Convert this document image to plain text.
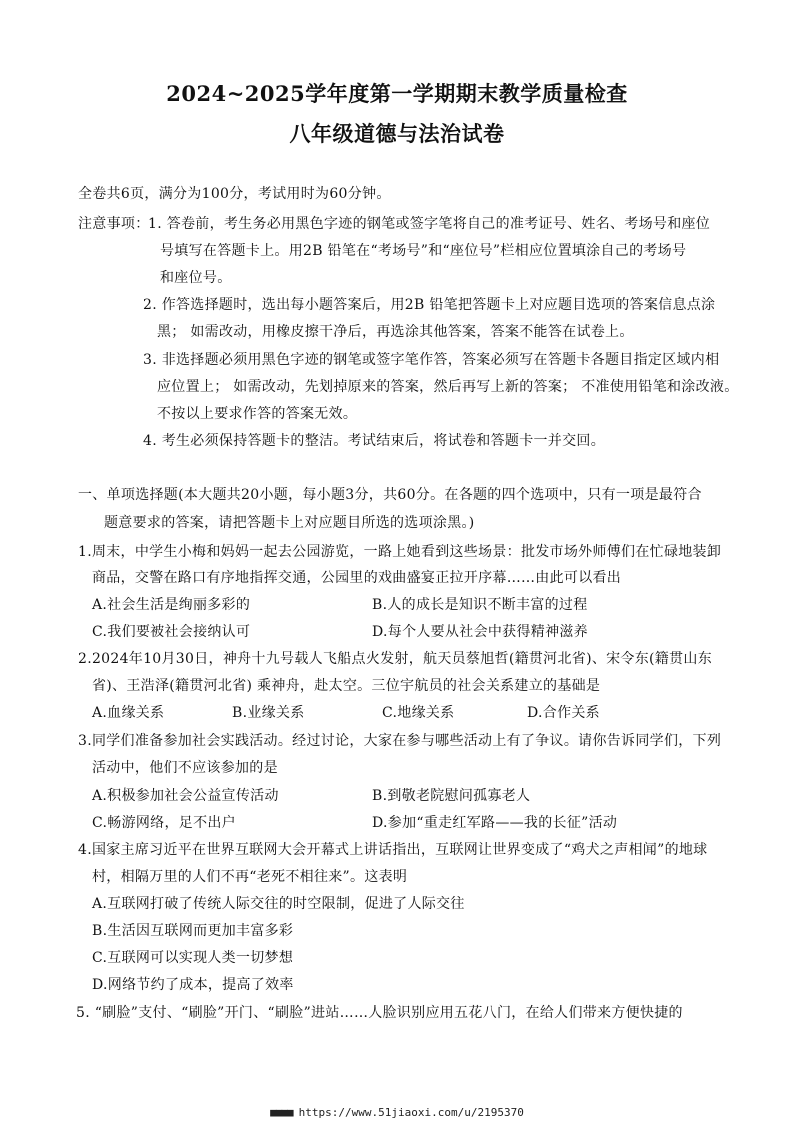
2024~2025学年度第一学期期末教学质量检查
八年级道德与法治试卷
全卷共6页，满分为100分，考试用时为60分钟。
注意事项：
1. 答卷前，考生务必用黑色字迹的钢笔或签字笔将自己的准考证号、姓名、考场号和座位
号填写在答题卡上。用2B 铅笔在“考场号”和“座位号”栏相应位置填涂自己的考场号
和座位号。
2. 作答选择题时，选出每小题答案后，用2B 铅笔把答题卡上对应题目选项的答案信息点涂
黑； 如需改动，用橡皮擦干净后，再选涂其他答案，答案不能答在试卷上。
3. 非选择题必须用黑色字迹的钢笔或签字笔作答，答案必须写在答题卡各题目指定区域内相
应位置上； 如需改动，先划掉原来的答案，然后再写上新的答案； 不准使用铅笔和涂改液。
不按以上要求作答的答案无效。
4. 考生必须保持答题卡的整洁。考试结束后，将试卷和答题卡一并交回。
一、单项选择题(本大题共20小题，每小题3分，共60分。在各题的四个选项中，只有一项是最符合
题意要求的答案，请把答题卡上对应题目所选的选项涂黑。)
1.周末，中学生小梅和妈妈一起去公园游览，一路上她看到这些场景：批发市场外师傅们在忙碌地装卸
商品，交警在路口有序地指挥交通，公园里的戏曲盛宴正拉开序幕……由此可以看出
A.社会生活是绚丽多彩的	B.人的成长是知识不断丰富的过程
C.我们要被社会接纳认可	D.每个人要从社会中获得精神滋养
2.2024年10月30日，神舟十九号载人飞船点火发射，航天员蔡旭哲(籍贯河北省)、宋令东(籍贯山东
省)、王浩泽(籍贯河北省) 乘神舟，赴太空。三位宇航员的社会关系建立的基础是
A.血缘关系	B.业缘关系	C.地缘关系	D.合作关系
3.同学们准备参加社会实践活动。经过讨论，大家在参与哪些活动上有了争议。请你告诉同学们，下列
活动中，他们不应该参加的是
A.积极参加社会公益宣传活动	B.到敬老院慰问孤寡老人
C.畅游网络，足不出户	D.参加“重走红军路——我的长征”活动
4.国家主席习近平在世界互联网大会开幕式上讲话指出，互联网让世界变成了“鸡犬之声相闻”的地球
村，相隔万里的人们不再“老死不相往来”。这表明
A.互联网打破了传统人际交往的时空限制，促进了人际交往
B.生活因互联网而更加丰富多彩
C.互联网可以实现人类一切梦想
D.网络节约了成本，提高了效率
5. “刷脸”支付、“刷脸”开门、“刷脸”进站……人脸识别应用五花八门，在给人们带来方便快捷的
■■■■ https://www.51jiaoxi.com/u/2195370
